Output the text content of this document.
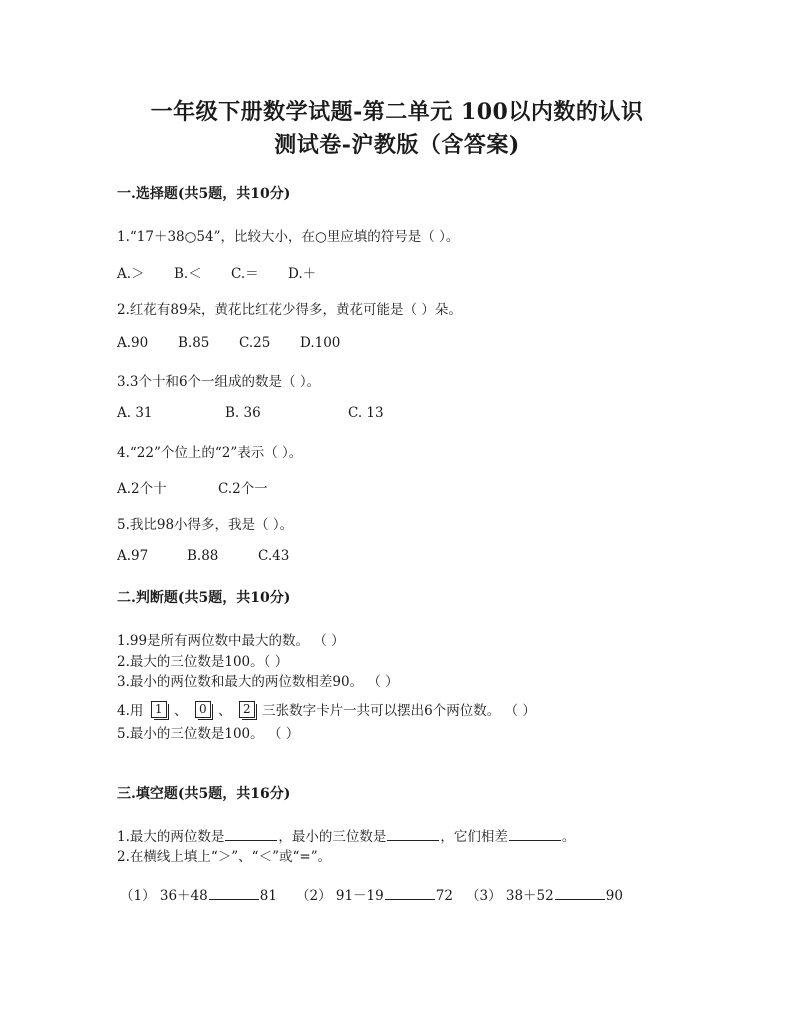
一年级下册数学试题-第二单元 100以内数的认识
测试卷-沪教版（含答案)
一.选择题(共5题，共10分)
1.“17＋38○54”，比较大小，在○里应填的符号是（ ）。
A.＞ B.＜ C.＝ D.＋
2.红花有89朵，黄花比红花少得多，黄花可能是（ ）朵。
A.90 B.85 C.25 D.100
3.3个十和6个一组成的数是（ ）。
A. 31	B. 36	C. 13
4.“22”个位上的“2”表示（ ）。
A.2个十	C.2个一
5.我比98小得多，我是（ ）。
A.97	B.88	C.43
二.判断题(共5题，共10分)
1.99是所有两位数中最大的数。 （ ）
2.最大的三位数是100。（ ）
3.最小的两位数和最大的两位数相差90。 （ ）
4.用 1 、 0 、 2 三张数字卡片一共可以摆出6个两位数。 （ ）
5.最小的三位数是100。 （ ）
三.填空题(共5题，共16分)
1.最大的两位数是	，最小的三位数是	，它们相差	。
2.在横线上填上“＞”、“＜”或“=”。
（1） 36＋48	81 （2） 91－19	72 （3） 38＋52	90
